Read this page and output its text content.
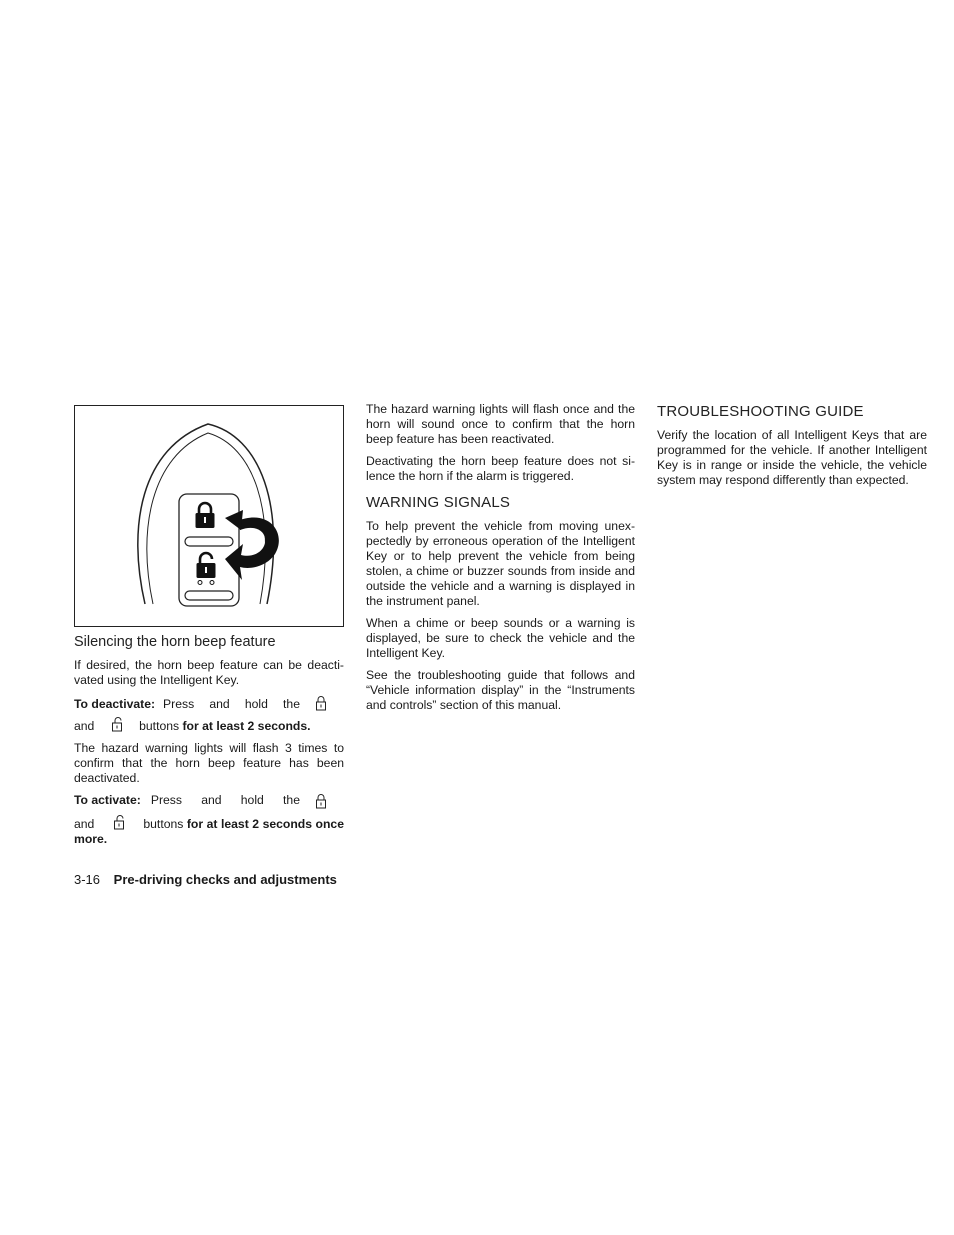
Silencing the horn beep feature

If desired, the horn beep feature can be deacti-vated using the Intelligent Key.

To deactivate: Press and hold the
and	buttons for at least 2 seconds.

The hazard warning lights will flash 3 times to confirm that the horn beep feature has been deactivated.

To activate: Press and hold the
and	buttons for at least 2 seconds once more.

The hazard warning lights will flash once and the horn will sound once to confirm that the horn beep feature has been reactivated.

Deactivating the horn beep feature does not si-lence the horn if the alarm is triggered.

WARNING SIGNALS

To help prevent the vehicle from moving unex-pectedly by erroneous operation of the Intelligent Key or to help prevent the vehicle from being stolen, a chime or buzzer sounds from inside and outside the vehicle and a warning is displayed in the instrument panel.

When a chime or beep sounds or a warning is displayed, be sure to check the vehicle and the Intelligent Key.

See the troubleshooting guide that follows and “Vehicle information display” in the “Instruments and controls” section of this manual.

TROUBLESHOOTING GUIDE

Verify the location of all Intelligent Keys that are programmed for the vehicle. If another Intelligent Key is in range or inside the vehicle, the vehicle system may respond differently than expected.

3-16 Pre-driving checks and adjustments
